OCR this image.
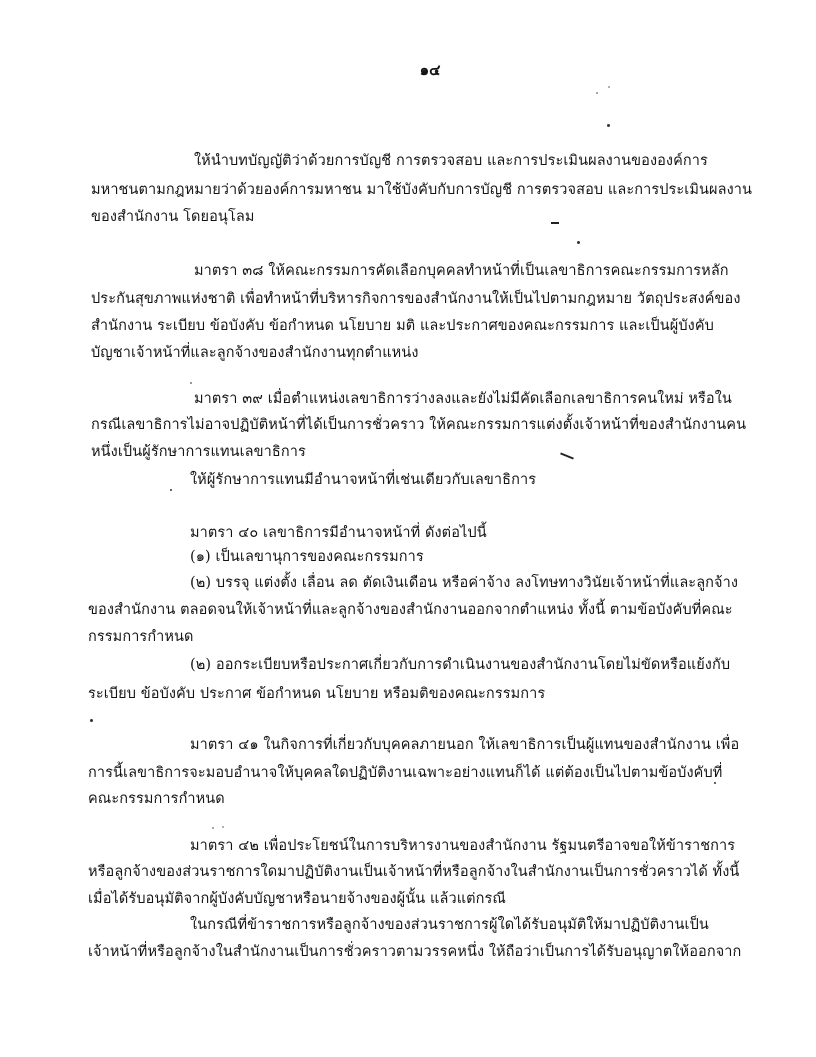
๑๔
ให้นำบทบัญญัติว่าด้วยการบัญชี การตรวจสอบ และการประเมินผลงานขององค์การ
มหาชนตามกฎหมายว่าด้วยองค์การมหาชน มาใช้บังคับกับการบัญชี การตรวจสอบ และการประเมินผลงาน
ของสำนักงาน โดยอนุโลม
มาตรา ๓๘ ให้คณะกรรมการคัดเลือกบุคคลทำหน้าที่เป็นเลขาธิการคณะกรรมการหลัก
ประกันสุขภาพแห่งชาติ เพื่อทำหน้าที่บริหารกิจการของสำนักงานให้เป็นไปตามกฎหมาย วัตถุประสงค์ของ
สำนักงาน ระเบียบ ข้อบังคับ ข้อกำหนด นโยบาย มติ และประกาศของคณะกรรมการ และเป็นผู้บังคับ
บัญชาเจ้าหน้าที่และลูกจ้างของสำนักงานทุกตำแหน่ง
มาตรา ๓๙ เมื่อตำแหน่งเลขาธิการว่างลงและยังไม่มีคัดเลือกเลขาธิการคนใหม่ หรือใน
กรณีเลขาธิการไม่อาจปฏิบัติหน้าที่ได้เป็นการชั่วคราว ให้คณะกรรมการแต่งตั้งเจ้าหน้าที่ของสำนักงานคน
หนึ่งเป็นผู้รักษาการแทนเลขาธิการ
ให้ผู้รักษาการแทนมีอำนาจหน้าที่เช่นเดียวกับเลขาธิการ
มาตรา ๔๐ เลขาธิการมีอำนาจหน้าที่ ดังต่อไปนี้
(๑) เป็นเลขานุการของคณะกรรมการ
(๒) บรรจุ แต่งตั้ง เลื่อน ลด ตัดเงินเดือน หรือค่าจ้าง ลงโทษทางวินัยเจ้าหน้าที่และลูกจ้าง
ของสำนักงาน ตลอดจนให้เจ้าหน้าที่และลูกจ้างของสำนักงานออกจากตำแหน่ง ทั้งนี้ ตามข้อบังคับที่คณะ
กรรมการกำหนด
(๒) ออกระเบียบหรือประกาศเกี่ยวกับการดำเนินงานของสำนักงานโดยไม่ขัดหรือแย้งกับ
ระเบียบ ข้อบังคับ ประกาศ ข้อกำหนด นโยบาย หรือมติของคณะกรรมการ
มาตรา ๔๑ ในกิจการที่เกี่ยวกับบุคคลภายนอก ให้เลขาธิการเป็นผู้แทนของสำนักงาน เพื่อ
การนี้เลขาธิการจะมอบอำนาจให้บุคคลใดปฏิบัติงานเฉพาะอย่างแทนก็ได้ แต่ต้องเป็นไปตามข้อบังคับที่
คณะกรรมการกำหนด
มาตรา ๔๒ เพื่อประโยชน์ในการบริหารงานของสำนักงาน รัฐมนตรีอาจขอให้ข้าราชการ
หรือลูกจ้างของส่วนราชการใดมาปฏิบัติงานเป็นเจ้าหน้าที่หรือลูกจ้างในสำนักงานเป็นการชั่วคราวได้ ทั้งนี้
เมื่อได้รับอนุมัติจากผู้บังคับบัญชาหรือนายจ้างของผู้นั้น แล้วแต่กรณี
ในกรณีที่ข้าราชการหรือลูกจ้างของส่วนราชการผู้ใดได้รับอนุมัติให้มาปฏิบัติงานเป็น
เจ้าหน้าที่หรือลูกจ้างในสำนักงานเป็นการชั่วคราวตามวรรคหนึ่ง ให้ถือว่าเป็นการได้รับอนุญาตให้ออกจาก
